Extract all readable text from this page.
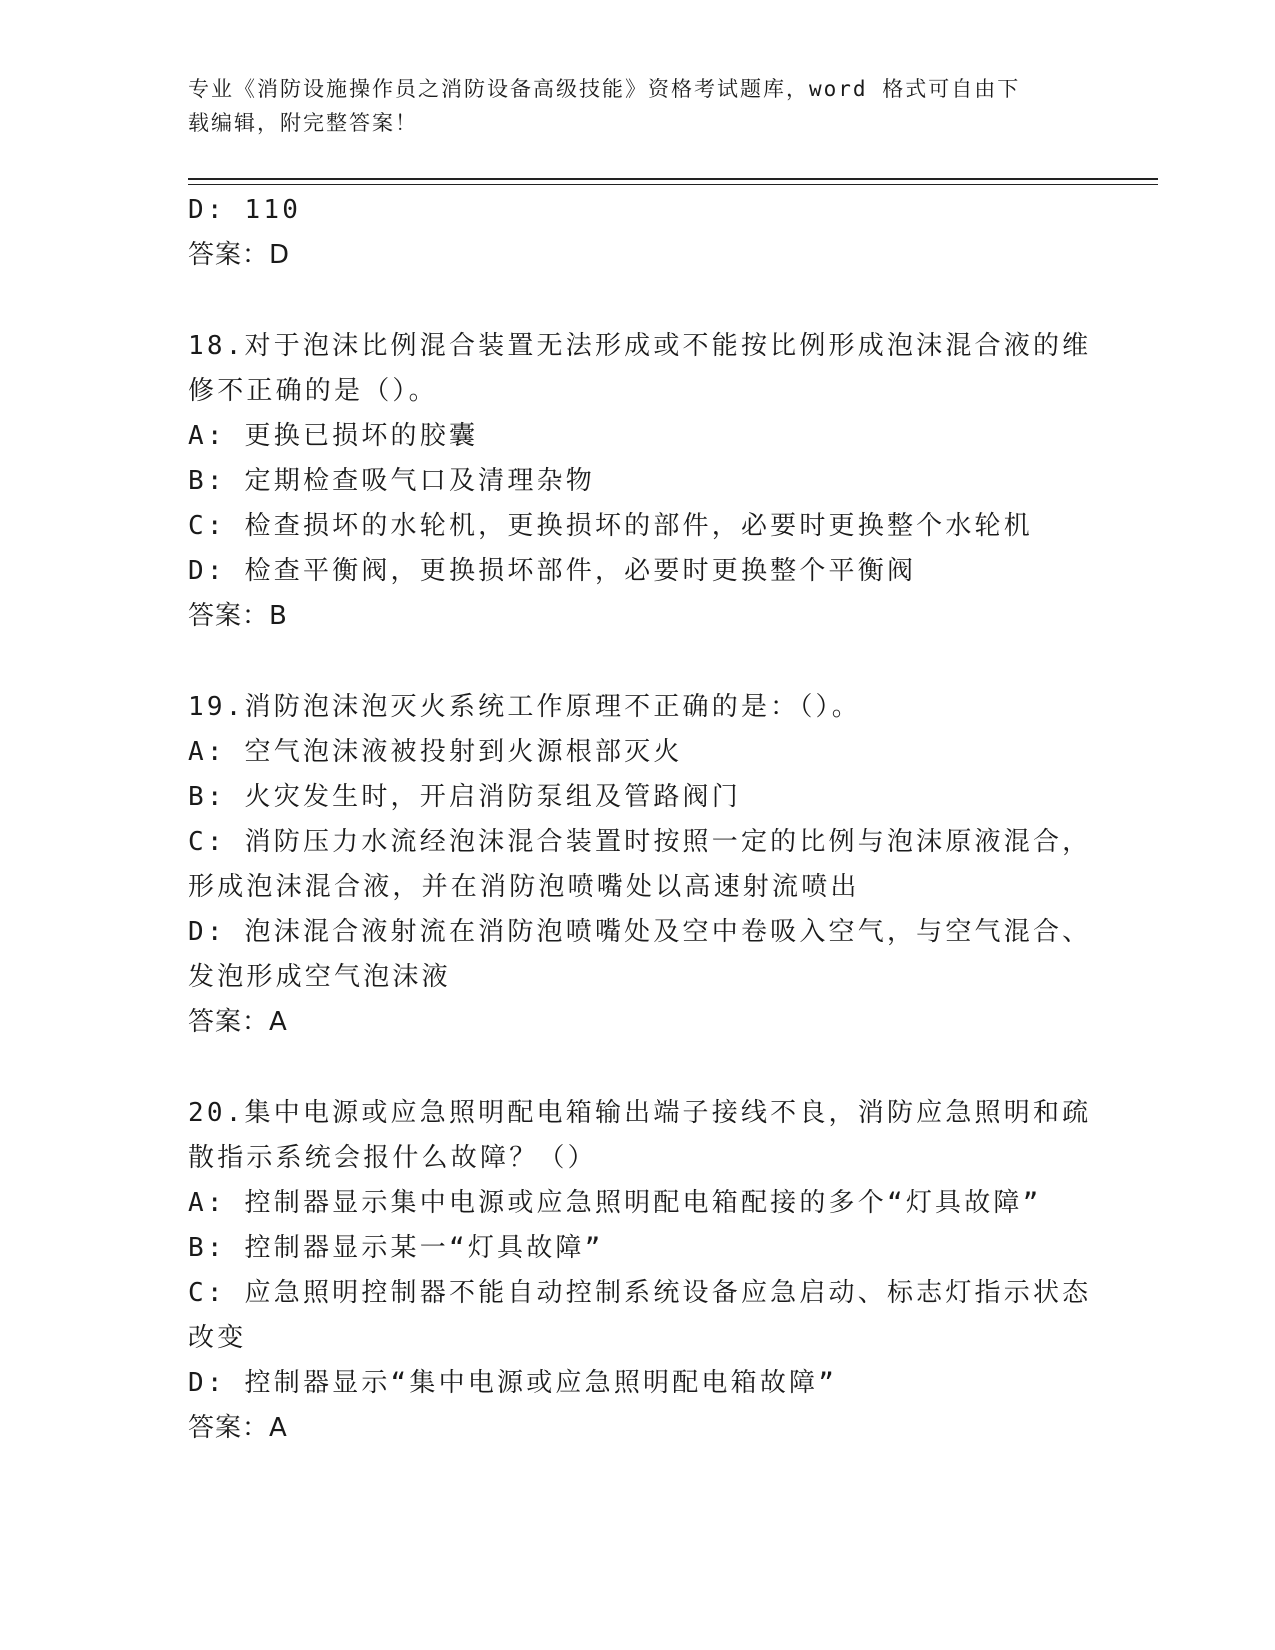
专业《消防设施操作员之消防设备高级技能》资格考试题库，word 格式可自由下
载编辑，附完整答案！
D: 110
答案：D
18.对于泡沫比例混合装置无法形成或不能按比例形成泡沫混合液的维
修不正确的是（）。
A: 更换已损坏的胶囊
B: 定期检查吸气口及清理杂物
C: 检查损坏的水轮机，更换损坏的部件，必要时更换整个水轮机
D: 检查平衡阀，更换损坏部件，必要时更换整个平衡阀
答案：B
19.消防泡沫泡灭火系统工作原理不正确的是：（）。
A: 空气泡沫液被投射到火源根部灭火
B: 火灾发生时，开启消防泵组及管路阀门
C: 消防压力水流经泡沫混合装置时按照一定的比例与泡沫原液混合，
形成泡沫混合液，并在消防泡喷嘴处以高速射流喷出
D: 泡沫混合液射流在消防泡喷嘴处及空中卷吸入空气，与空气混合、
发泡形成空气泡沫液
答案：A
20.集中电源或应急照明配电箱输出端子接线不良，消防应急照明和疏
散指示系统会报什么故障？（）
A: 控制器显示集中电源或应急照明配电箱配接的多个“灯具故障”
B: 控制器显示某一“灯具故障”
C: 应急照明控制器不能自动控制系统设备应急启动、标志灯指示状态
改变
D: 控制器显示“集中电源或应急照明配电箱故障”
答案：A
